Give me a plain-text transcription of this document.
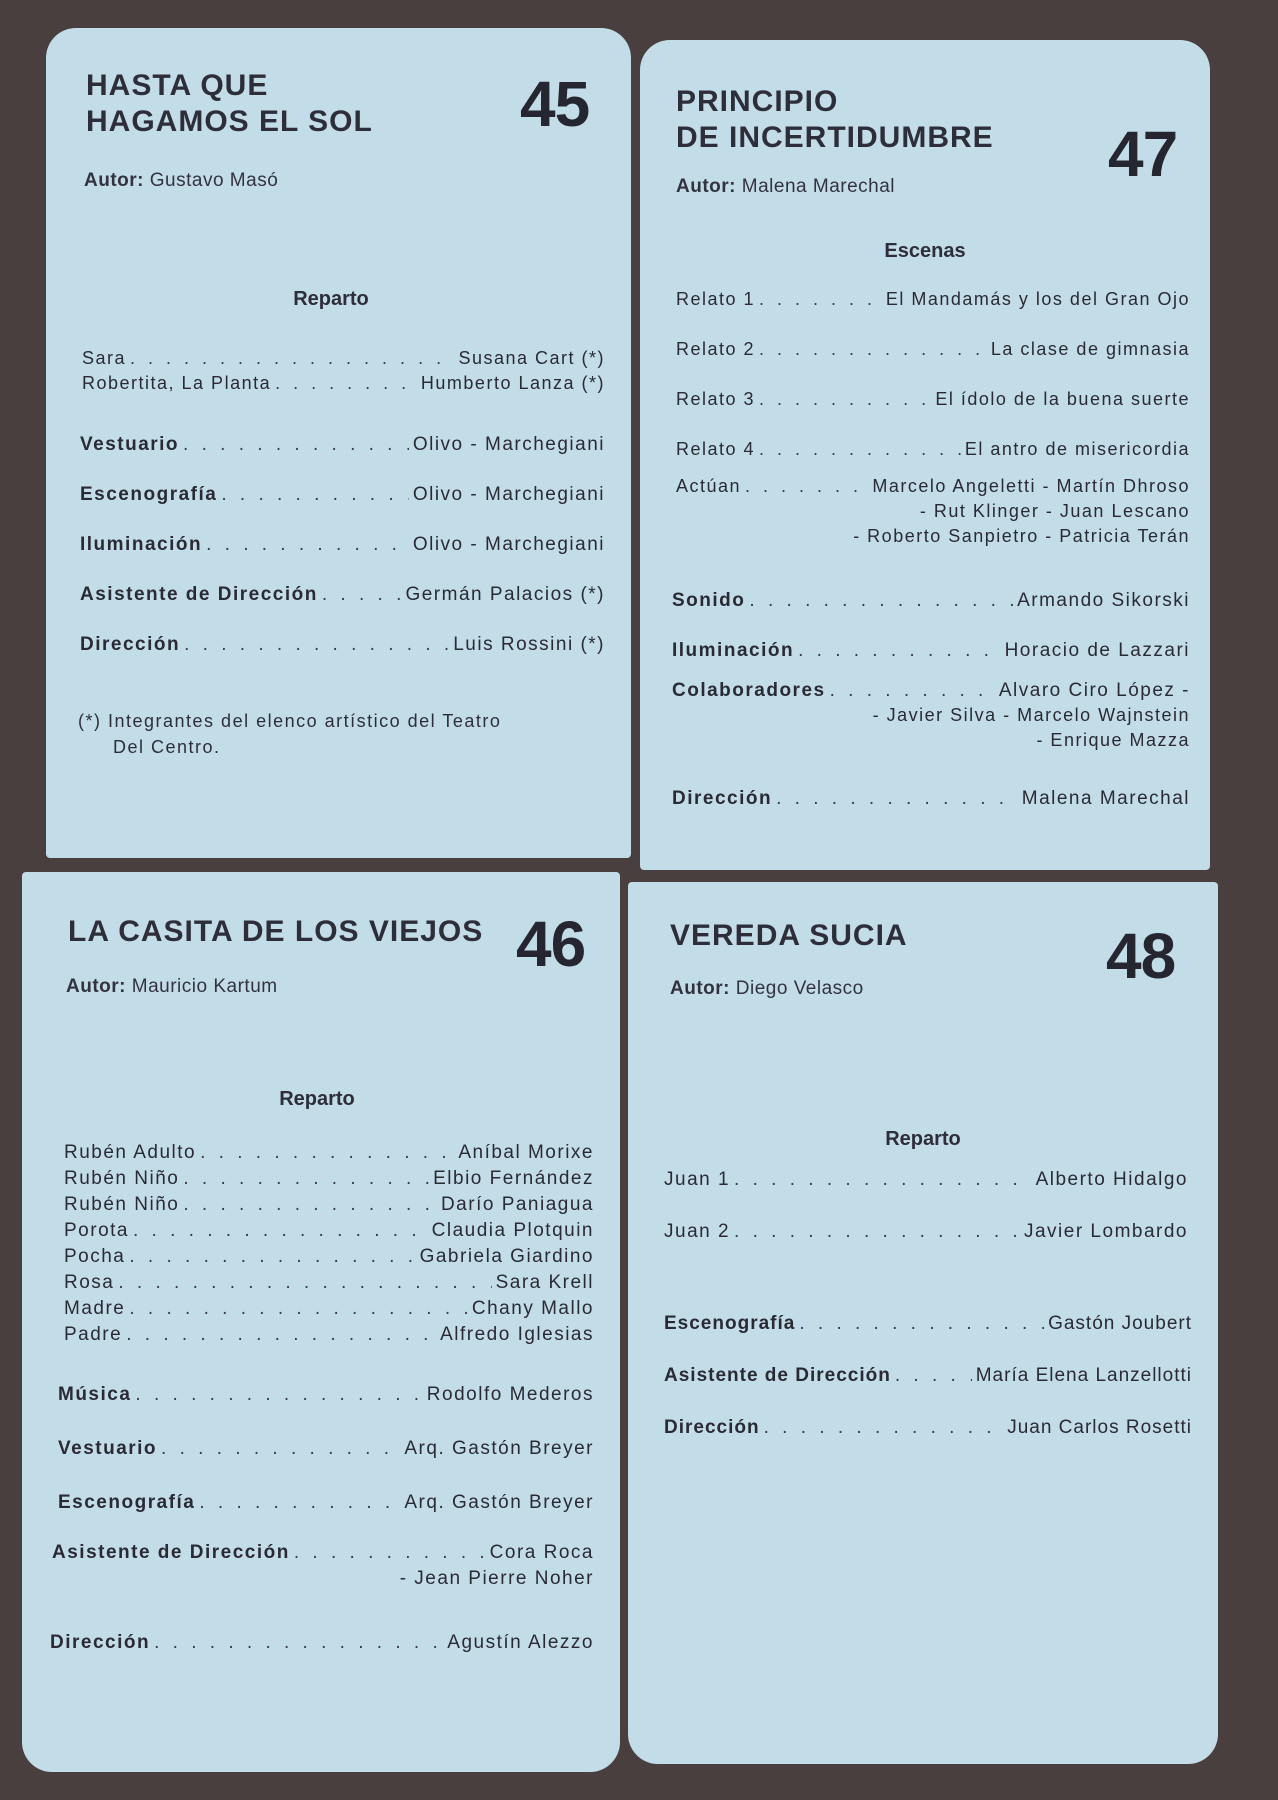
HASTA QUE
HAGAMOS EL SOL 45
Autor: Gustavo Masó
Reparto
Sara . . .	Susana Cart (*)
Robertita, La Planta . . .	Humberto Lanza (*)
Vestuario . . .	Olivo - Marchegiani
Escenografía . . .	Olivo - Marchegiani
Iluminación . . .	Olivo - Marchegiani
Asistente de Dirección . . .	Germán Palacios (*)
Dirección . . .	Luis Rossini (*)
(*) Integrantes del elenco artístico del Teatro
Del Centro.
PRINCIPIO
DE INCERTIDUMBRE 47
Autor: Malena Marechal
Escenas
Relato 1 . . .	El Mandamás y los del Gran Ojo
Relato 2 . . .	La clase de gimnasia
Relato 3 . . .	El ídolo de la buena suerte
Relato 4 . . .	El antro de misericordia
Actúan . . .	Marcelo Angeletti - Martín Dhroso
- Rut Klinger - Juan Lescano
- Roberto Sanpietro - Patricia Terán
Sonido . . .	Armando Sikorski
Iluminación . . .	Horacio de Lazzari
Colaboradores . . .	Alvaro Ciro López -
- Javier Silva - Marcelo Wajnstein
- Enrique Mazza
Dirección . . .	Malena Marechal
LA CASITA DE LOS VIEJOS 46
Autor: Mauricio Kartum
Reparto
Rubén Adulto . . .	Aníbal Morixe
Rubén Niño . . .	Elbio Fernández
Rubén Niño . . .	Darío Paniagua
Porota . . .	Claudia Plotquin
Pocha . . .	Gabriela Giardino
Rosa . . .	Sara Krell
Madre . . .	Chany Mallo
Padre . . .	Alfredo Iglesias
Música . . .	Rodolfo Mederos
Vestuario . . .	Arq. Gastón Breyer
Escenografía . . .	Arq. Gastón Breyer
Asistente de Dirección . . .	Cora Roca
- Jean Pierre Noher
Dirección . . .	Agustín Alezzo
VEREDA SUCIA	48
Autor: Diego Velasco
Reparto
Juan 1 . . .	Alberto Hidalgo
Juan 2 . . .	Javier Lombardo
Escenografía . . .	Gastón Joubert
Asistente de Dirección . . .	María Elena Lanzellotti
Dirección . . .	Juan Carlos Rosetti
